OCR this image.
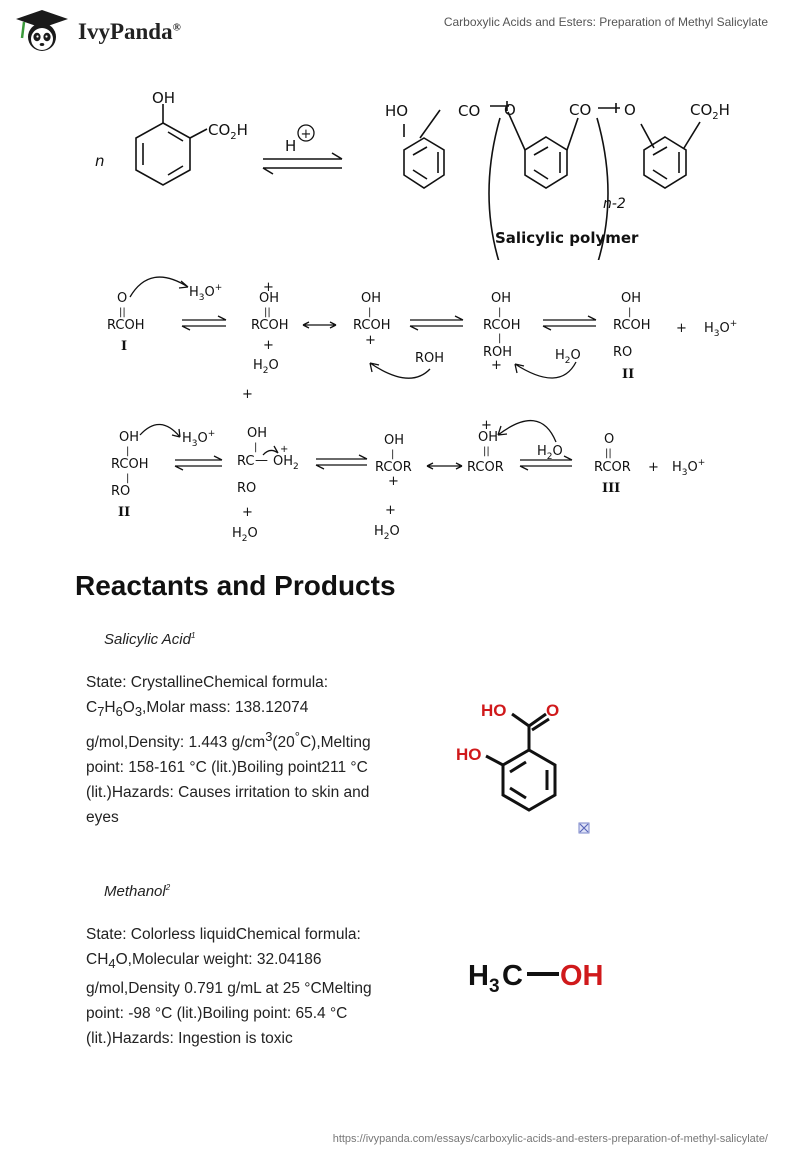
IvyPanda®	Carboxylic Acids and Esters: Preparation of Methyl Salicylate
n
OH
$CO_2H$
H
+
HO	CO O	CO O	$CO_2H$
n-2
Salicylic polymer
O
||
RCOH
$H_3O^+$	+
OH
||
RCOH
+
$H_2O$
+
OH
|
RCOH
+
ROH
OH
|
RCOH
|
ROH
+
$H_2O$
OH
|
RCOH
RO
+ $H_3O^+$
OH
|
RCOH
|
RO
$H_3O^+$ OH
|
RC — $OH_2$
+
RO
+
$H_2O$
OH
|
RCOR
+
+
$H_2O$
+
OH
||
RCOR
$H_2O$
O
||
RCOR + $H_3O^+$
I
II
II
III
Reactants and Products
Salicylic Acid$^1$
State: CrystallineChemical formula: $C_7H_6O_3,Molar$ mass: 138.12074 g/mol,Density: 1.443 $g/cm^3(20^\circ C),Melting$ point: 158-161 °C (lit.)Boiling point211 °C (lit.)Hazards: Causes irritation to skin and eyes
HO O
HO
Methanol$^2$
State: Colorless liquidChemical formula: $CH_4O,Molecular$ weight: 32.04186 g/mol,Density 0.791 g/mL at 25 °CMelting point: -98 °C (lit.)Boiling point: 65.4 °C (lit.)Hazards: Ingestion is toxic
H 3 C OH
https://ivypanda.com/essays/carboxylic-acids-and-esters-preparation-of-methyl-salicylate/
